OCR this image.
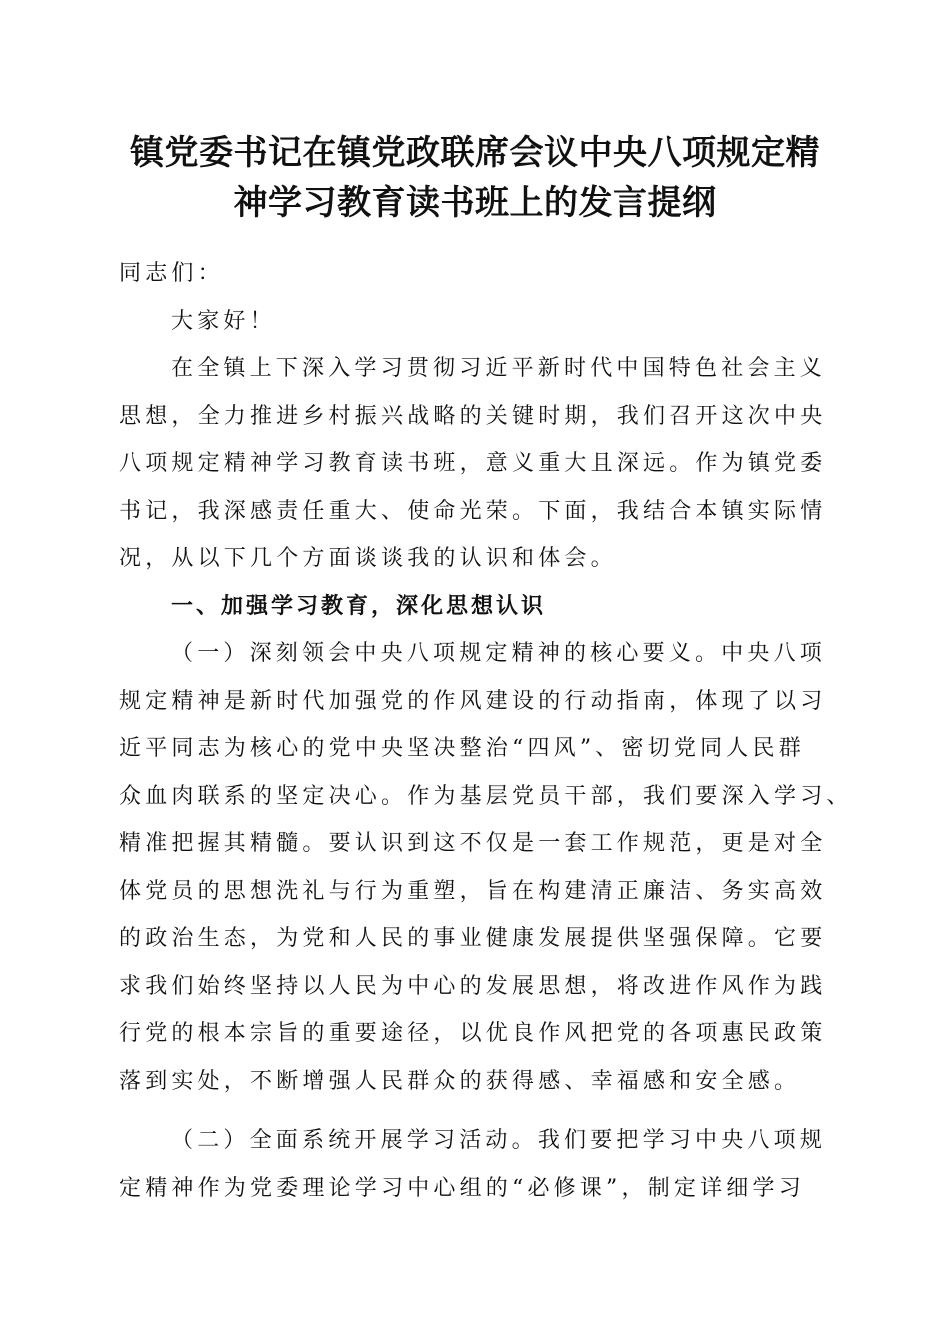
镇党委书记在镇党政联席会议中央八项规定精
神学习教育读书班上的发言提纲
同志们：
大家好！
在全镇上下深入学习贯彻习近平新时代中国特色社会主义
思想，全力推进乡村振兴战略的关键时期，我们召开这次中央
八项规定精神学习教育读书班，意义重大且深远。作为镇党委
书记，我深感责任重大、使命光荣。下面，我结合本镇实际情
况，从以下几个方面谈谈我的认识和体会。
一、加强学习教育，深化思想认识
（一）深刻领会中央八项规定精神的核心要义。中央八项
规定精神是新时代加强党的作风建设的行动指南，体现了以习
近平同志为核心的党中央坚决整治“四风”、密切党同人民群
众血肉联系的坚定决心。作为基层党员干部，我们要深入学习、
精准把握其精髓。要认识到这不仅是一套工作规范，更是对全
体党员的思想洗礼与行为重塑，旨在构建清正廉洁、务实高效
的政治生态，为党和人民的事业健康发展提供坚强保障。它要
求我们始终坚持以人民为中心的发展思想，将改进作风作为践
行党的根本宗旨的重要途径，以优良作风把党的各项惠民政策
落到实处，不断增强人民群众的获得感、幸福感和安全感。
（二）全面系统开展学习活动。我们要把学习中央八项规
定精神作为党委理论学习中心组的“必修课”，制定详细学习
